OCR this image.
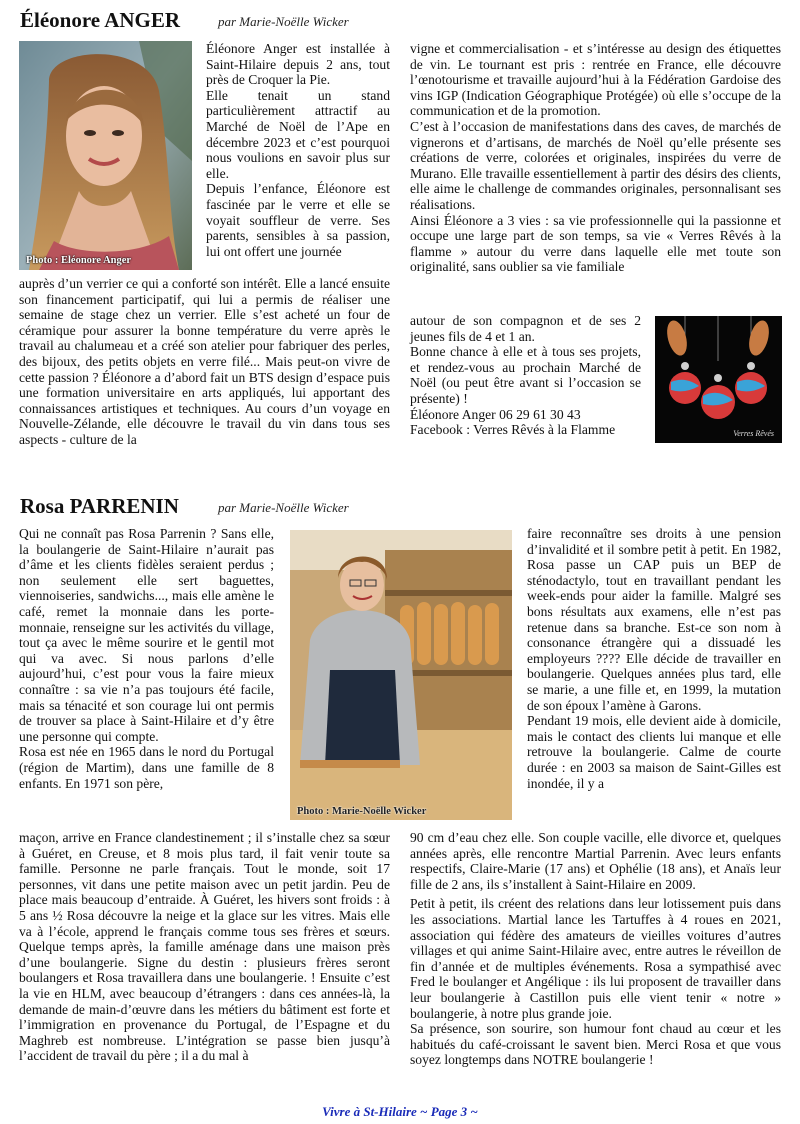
Éléonore ANGER	par Marie-Noëlle Wicker
Photo : Eléonore Anger

Éléonore Anger est installée à Saint-Hilaire depuis 2 ans, tout près de Croquer la Pie.

Elle tenait un stand particulièrement attractif au Marché de Noël de l’Ape en décembre 2023 et c’est pourquoi nous voulions en savoir plus sur elle.

Depuis l’enfance, Éléonore est fascinée par le verre et elle se voyait souffleur de verre. Ses parents, sensibles à sa passion, lui ont offert une journée

auprès d’un verrier ce qui a conforté son intérêt. Elle a lancé ensuite son financement participatif, qui lui a permis de réaliser une semaine de stage chez un verrier. Elle s’est acheté un four de céramique pour assurer la bonne température du verre après le travail au chalumeau et a créé son atelier pour fabriquer des perles, des bijoux, des petits objets en verre filé... Mais peut-on vivre de cette passion ? Éléonore a d’abord fait un BTS design d’espace puis une formation universitaire en arts appliqués, lui apportant des connaissances artistiques et techniques. Au cours d’un voyage en Nouvelle-Zélande, elle découvre le travail du vin dans tous ses aspects - culture de la

vigne et commercialisation - et s’intéresse au design des étiquettes de vin. Le tournant est pris : rentrée en France, elle découvre l’œnotourisme et travaille aujourd’hui à la Fédération Gardoise des vins IGP (Indication Géographique Protégée) où elle s’occupe de la communication et de la promotion.

C’est à l’occasion de manifestations dans des caves, de marchés de vignerons et d’artisans, de marchés de Noël qu’elle présente ses créations de verre, colorées et originales, inspirées du verre de Murano. Elle travaille essentiellement à partir des désirs des clients, elle aime le challenge de commandes originales, personnalisant ses réalisations.

Ainsi Éléonore a 3 vies : sa vie professionnelle qui la passionne et occupe une large part de son temps, sa vie « Verres Rêvés à la flamme » autour du verre dans laquelle elle met toute son originalité, sans oublier sa vie familiale

autour de son compagnon et de ses 2 jeunes fils de 4 et 1 an.

Bonne chance à elle et à tous ses projets, et rendez-vous au prochain Marché de Noël (ou peut être avant si l’occasion se présente) !

Éléonore Anger 06 29 61 30 43

Facebook : Verres Rêvés à la Flamme	Verres Rêvés
Rosa PARRENIN	par Marie-Noëlle Wicker

Qui ne connaît pas Rosa Parrenin ? Sans elle, la boulangerie de Saint-Hilaire n’aurait pas d’âme et les clients fidèles seraient perdus ; non seulement elle sert baguettes, viennoiseries, sandwichs..., mais elle amène le café, remet la monnaie dans les porte-monnaie, renseigne sur les activités du village, tout ça avec le même sourire et le gentil mot qui va avec. Si nous parlons d’elle aujourd’hui, c’est pour vous la faire mieux connaître : sa vie n’a pas toujours été facile, mais sa ténacité et son courage lui ont permis de trouver sa place à Saint-Hilaire et d’y être une personne qui compte.

Rosa est née en 1965 dans le nord du Portugal (région de Martim), dans une famille de 8 enfants. En 1971 son père,

Photo : Marie-Noëlle Wicker

maçon, arrive en France clandestinement ; il s’installe chez sa sœur à Guéret, en Creuse, et 8 mois plus tard, il fait venir toute sa famille. Personne ne parle français. Tout le monde, soit 17 personnes, vit dans une petite maison avec un petit jardin. Peu de place mais beaucoup d’entraide. À Guéret, les hivers sont froids : à 5 ans ½ Rosa découvre la neige et la glace sur les vitres. Mais elle va à l’école, apprend le français comme tous ses frères et sœurs. Quelque temps après, la famille aménage dans une maison près d’une boulangerie. Signe du destin : plusieurs frères seront boulangers et Rosa travaillera dans une boulangerie. ! Ensuite c’est la vie en HLM, avec beaucoup d’étrangers : dans ces années-là, la demande de main-d’œuvre dans les métiers du bâtiment est forte et l’immigration en provenance du Portugal, de l’Espagne et du Maghreb est nombreuse. L’intégration se passe bien jusqu’à l’accident de travail du père ; il a du mal à

faire reconnaître ses droits à une pension d’invalidité et il sombre petit à petit. En 1982, Rosa passe un CAP puis un BEP de sténodactylo, tout en travaillant pendant les week-ends pour aider la famille. Malgré ses bons résultats aux examens, elle n’est pas retenue dans sa branche. Est-ce son nom à consonance étrangère qui a dissuadé les employeurs ???? Elle décide de travailler en boulangerie. Quelques années plus tard, elle se marie, a une fille et, en 1999, la mutation de son époux l’amène à Garons.

Pendant 19 mois, elle devient aide à domicile, mais le contact des clients lui manque et elle retrouve la boulangerie. Calme de courte durée : en 2003 sa maison de Saint-Gilles est inondée, il y a

90 cm d’eau chez elle. Son couple vacille, elle divorce et, quelques années après, elle rencontre Martial Parrenin. Avec leurs enfants respectifs, Claire-Marie (17 ans) et Ophélie (18 ans), et Anaïs leur fille de 2 ans, ils s’installent à Saint-Hilaire en 2009.

Petit à petit, ils créent des relations dans leur lotissement puis dans les associations. Martial lance les Tartuffes à 4 roues en 2021, association qui fédère des amateurs de vieilles voitures d’autres villages et qui anime Saint-Hilaire avec, entre autres le réveillon de fin d’année et de multiples événements. Rosa a sympathisé avec Fred le boulanger et Angélique : ils lui proposent de travailler dans leur boulangerie à Castillon puis elle vient tenir « notre » boulangerie, à notre plus grande joie.

Sa présence, son sourire, son humour font chaud au cœur et les habitués du café-croissant le savent bien. Merci Rosa et que vous soyez longtemps dans NOTRE boulangerie !

Vivre à St-Hilaire ~ Page 3 ~
